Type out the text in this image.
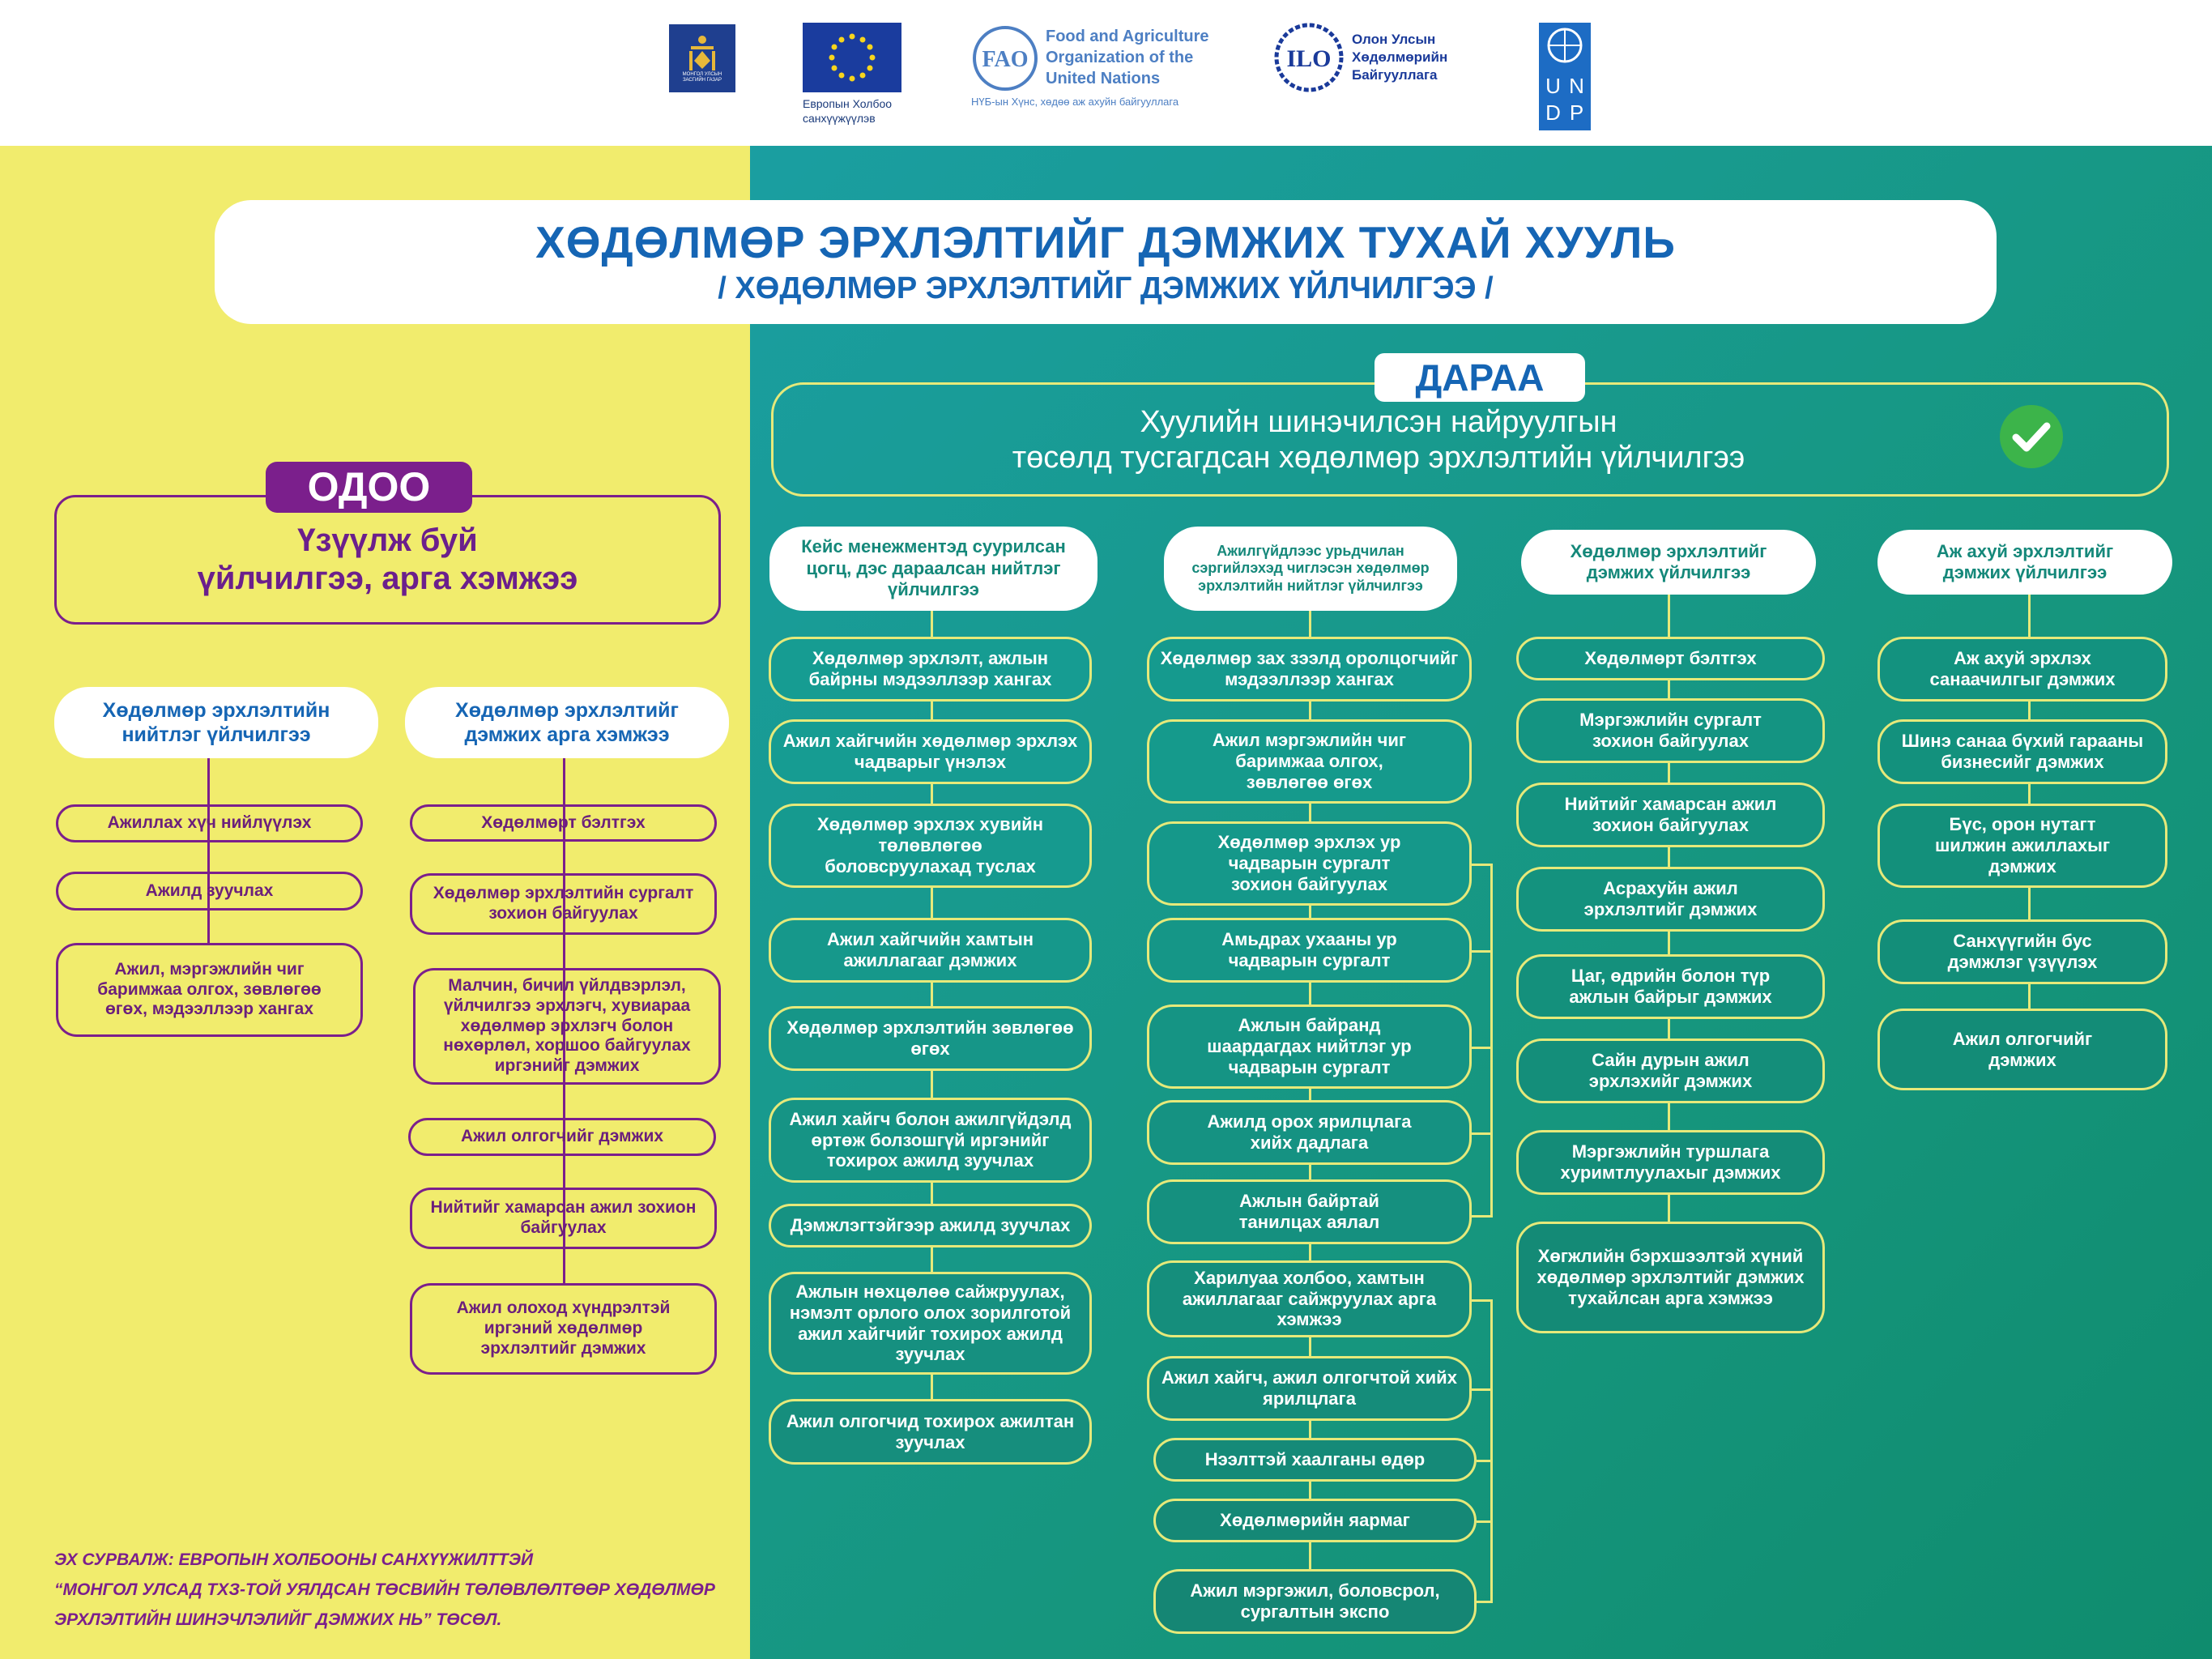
МОНГОЛ УЛСЫН ЗАСГИЙН ГАЗАР
Европын Холбоо
санхүүжүүлэв
FAO
Food and Agriculture
Organization of the
United Nations
НҮБ-ын Хүнс, хөдөө аж ахуйн байгууллага
ILO
Олон Улсын
Хөдөлмөрийн
Байгууллага	U N
D P
ХӨДӨЛМӨР ЭРХЛЭЛТИЙГ ДЭМЖИХ ТУХАЙ ХУУЛЬ
/ ХӨДӨЛМӨР ЭРХЛЭЛТИЙГ ДЭМЖИХ ҮЙЛЧИЛГЭЭ /
Үзүүлж буй
үйлчилгээ, арга хэмжээ
ОДОО
Хөдөлмөр эрхлэлтийн нийтлэг үйлчилгээ
Ажиллах хүч нийлүүлэх
Ажилд зуучлах
Ажил, мэргэжлийн чиг баримжаа олгох, зөвлөгөө өгөх, мэдээллээр хангах
Хөдөлмөр эрхлэлтийг дэмжих арга хэмжээ
Хөдөлмөрт бэлтгэх
Хөдөлмөр эрхлэлтийн сургалт зохион байгуулах
Малчин, бичил үйлдвэрлэл, үйлчилгээ эрхлэгч, хувиараа хөдөлмөр эрхлэгч болон нөхөрлөл, хоршоо байгуулах иргэнийг дэмжих
Ажил олгогчийг дэмжих
Нийтийг хамарсан ажил зохион байгуулах
Ажил олоход хүндрэлтэй иргэний хөдөлмөр эрхлэлтийг дэмжих
ЭХ СУРВАЛЖ: ЕВРОПЫН ХОЛБООНЫ САНХҮҮЖИЛТТЭЙ
“МОНГОЛ УЛСАД ТХЗ-ТОЙ УЯЛДСАН ТӨСВИЙН ТӨЛӨВЛӨЛТӨӨР ХӨДӨЛМӨР
ЭРХЛЭЛТИЙН ШИНЭЧЛЭЛИЙГ ДЭМЖИХ НЬ” ТӨСӨЛ.
Хуулийн шинэчилсэн найруулгын
төсөлд тусгагдсан хөдөлмөр эрхлэлтийн үйлчилгээ
ДАРАА
Кейс менежментэд суурилсан цогц, дэс дараалсан нийтлэг үйлчилгээ
Хөдөлмөр эрхлэлт, ажлын байрны мэдээллээр хангах
Ажил хайгчийн хөдөлмөр эрхлэх чадварыг үнэлэх
Хөдөлмөр эрхлэх хувийн төлөвлөгөө боловсруулахад туслах
Ажил хайгчийн хамтын ажиллагааг дэмжих
Хөдөлмөр эрхлэлтийн зөвлөгөө өгөх
Ажил хайгч болон ажилгүйдэлд өртөж болзошгүй иргэнийг тохирох ажилд зуучлах
Дэмжлэгтэйгээр ажилд зуучлах
Ажлын нөхцөлөө сайжруулах, нэмэлт орлого олох зорилготой ажил хайгчийг тохирох ажилд зуучлах
Ажил олгогчид тохирох ажилтан зуучлах
Ажилгүйдлээс урьдчилан сэргийлэхэд чиглэсэн хөдөлмөр эрхлэлтийн нийтлэг үйлчилгээ
Хөдөлмөр зах зээлд оролцогчийг мэдээллээр хангах
Ажил мэргэжлийн чиг баримжаа олгох, зөвлөгөө өгөх
Хөдөлмөр эрхлэх ур чадварын сургалт зохион байгуулах
Амьдрах ухааны ур чадварын сургалт
Ажлын байранд шаардагдах нийтлэг ур чадварын сургалт
Ажилд орох ярилцлага хийх дадлага
Ажлын байртай танилцах аялал
Харилуаа холбоо, хамтын ажиллагааг сайжруулах арга хэмжээ
Ажил хайгч, ажил олгогчтой хийх ярилцлага
Нээлттэй хаалганы өдөр
Хөдөлмөрийн яармаг
Ажил мэргэжил, боловсрол, сургалтын экспо
Хөдөлмөр эрхлэлтийг дэмжих үйлчилгээ
Хөдөлмөрт бэлтгэх
Мэргэжлийн сургалт зохион байгуулах
Нийтийг хамарсан ажил зохион байгуулах
Асрахуйн ажил эрхлэлтийг дэмжих
Цаг, өдрийн болон түр ажлын байрыг дэмжих
Сайн дурын ажил эрхлэхийг дэмжих
Мэргэжлийн туршлага хуримтлуулахыг дэмжих
Хөгжлийн бэрхшээлтэй хүний хөдөлмөр эрхлэлтийг дэмжих тухайлсан арга хэмжээ
Аж ахуй эрхлэлтийг дэмжих үйлчилгээ
Аж ахуй эрхлэх санаачилгыг дэмжих
Шинэ санаа бүхий гарааны бизнесийг дэмжих
Бүс, орон нутагт шилжин ажиллахыг дэмжих
Санхүүгийн бус дэмжлэг үзүүлэх
Ажил олгогчийг дэмжих
